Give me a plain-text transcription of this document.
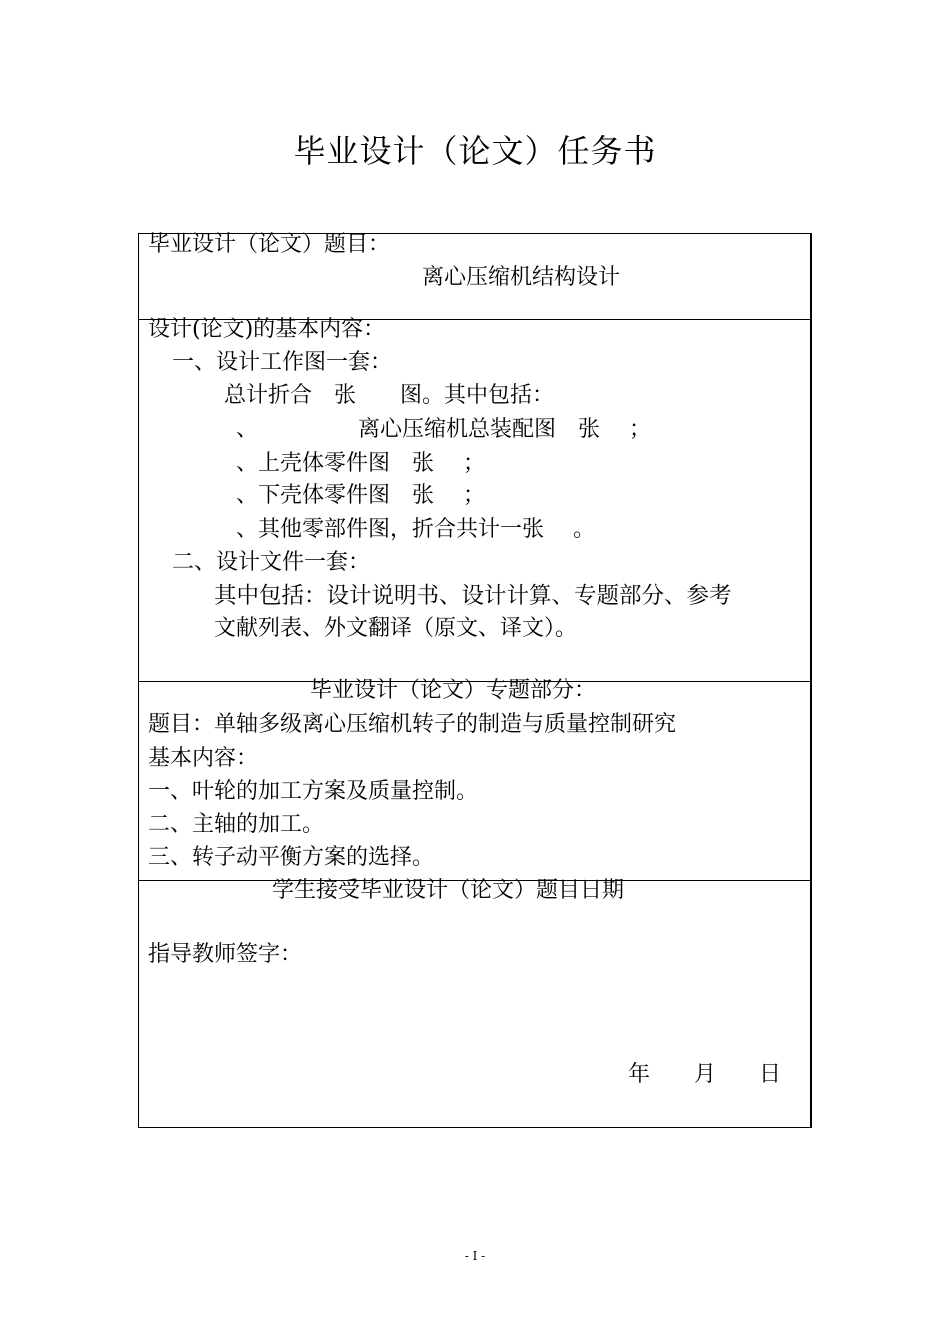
毕业设计（论文）任务书
毕业设计（论文）题目：
离心压缩机结构设计
设计(论文)的基本内容：
一、设计工作图一套：
总计折合　张　　图。其中包括：
、	离心压缩机总装配图　张　 ；
、上壳体零件图　张　 ；
、下壳体零件图　张　 ；
、其他零部件图，折合共计一张　 。
二、设计文件一套：
其中包括：设计说明书、设计计算、专题部分、参考
文献列表、外文翻译（原文、译文）。
毕业设计（论文）专题部分：
题目：单轴多级离心压缩机转子的制造与质量控制研究
基本内容：
一、叶轮的加工方案及质量控制。
二、主轴的加工。
三、转子动平衡方案的选择。
学生接受毕业设计（论文）题目日期
指导教师签字：
年 月 日
- I -
